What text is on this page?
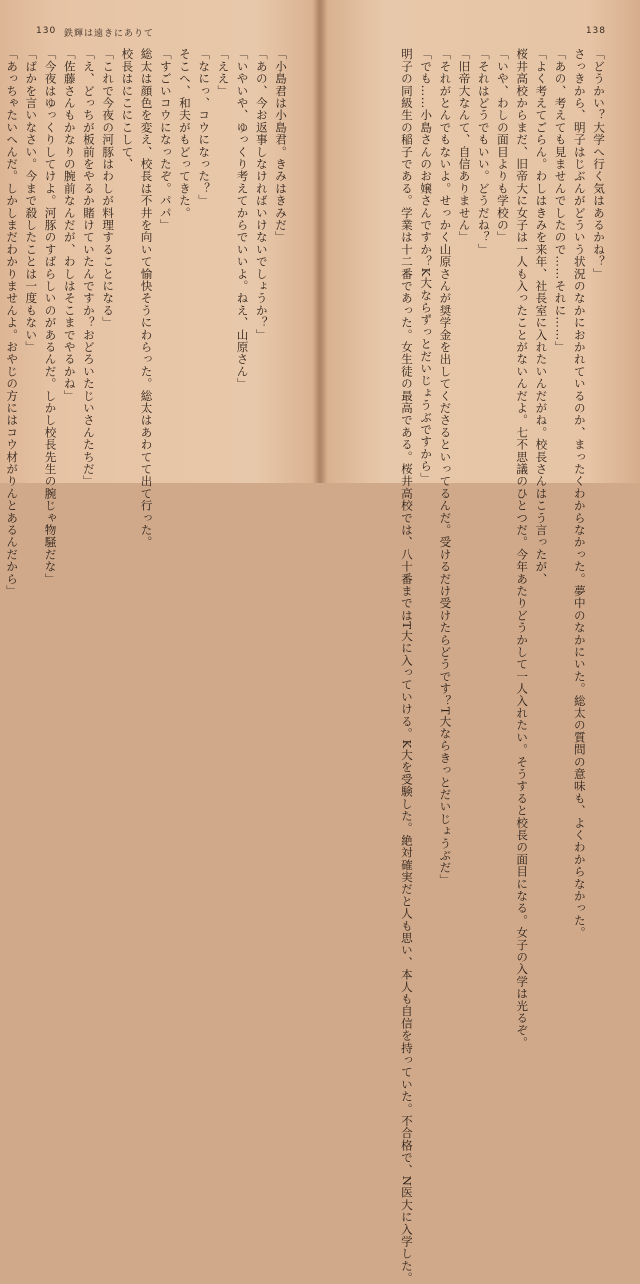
130 鉄輝は遠きにありて
「小島君は小島君。きみはきみだ」
「あの、今お返事しなければいけないでしょうか？」
「いやいや、ゆっくり考えてからでいいよ。ねえ、山原さん」
「ええ」
「なにっ、コウになった？」
そこへ、和夫がもどってきた。
「すごいコウになったぞ。パパ」
総太は顔色を変え、校長は不井を向いて愉快そうにわらった。総太はあわてて出て行った。
校長はにこにこして、
「これで今夜の河豚はわしが料理することになる」
「え、どっちが板前をやるか賭けていたんですか？おどろいたじいさんたちだ」
「佐藤さんもかなりの腕前なんだが、わしはそこまでやるかね」
「今夜はゆっくりしてけよ。河豚のすばらしいのがあるんだ。しかし校長先生の腕じゃ物騒だな」
「ばかを言いなさい。今まで殺したことは一度もない」
「あっちゃたいへんだ。しかしまだわかりませんよ。おやじの方にはコウ材がりんとあるんだから」
138
「どうかい？大学へ行く気はあるかね？」
さっきから、明子はじぶんがどういう状況のなかにおかれているのか、まったくわからなかった。夢中のなかにいた。総太の質問の意味も、よくわからなかった。
「あの、考えても見ませんでしたので……それに……」
「よく考えてごらん。わしはきみを来年、社長室に入れたいんだがね。校長さんはこう言ったが、
桜井高校からまだ、旧帝大に女子は一人も入ったことがないんだよ。七不思議のひとつだ。今年あたりどうかして一人入れたい。そうすると校長の面目になる。女子の入学は光るぞ。
「いや、わしの面目よりも学校の」
「それはどうでもいい。どうだね？」
「旧帝大なんて、自信ありません」
「それがとんでもないよ。せっかく山原さんが奨学金を出してくださるといってるんだ。受けるだけ受けたらどうです？T大ならきっとだいじょうぶだ」
「でも……小島さんのお嬢さんですか？K大ならずっとだいじょうぶですから」
明子の同級生の稲子である。学業は十二番であった。女生徒の最高である。桜井高校では、八十番まではT大に入っていける。K大を受験した。絶対確実だと人も思い、本人も自信を持っていた。不合格で、N医大に入学した。
